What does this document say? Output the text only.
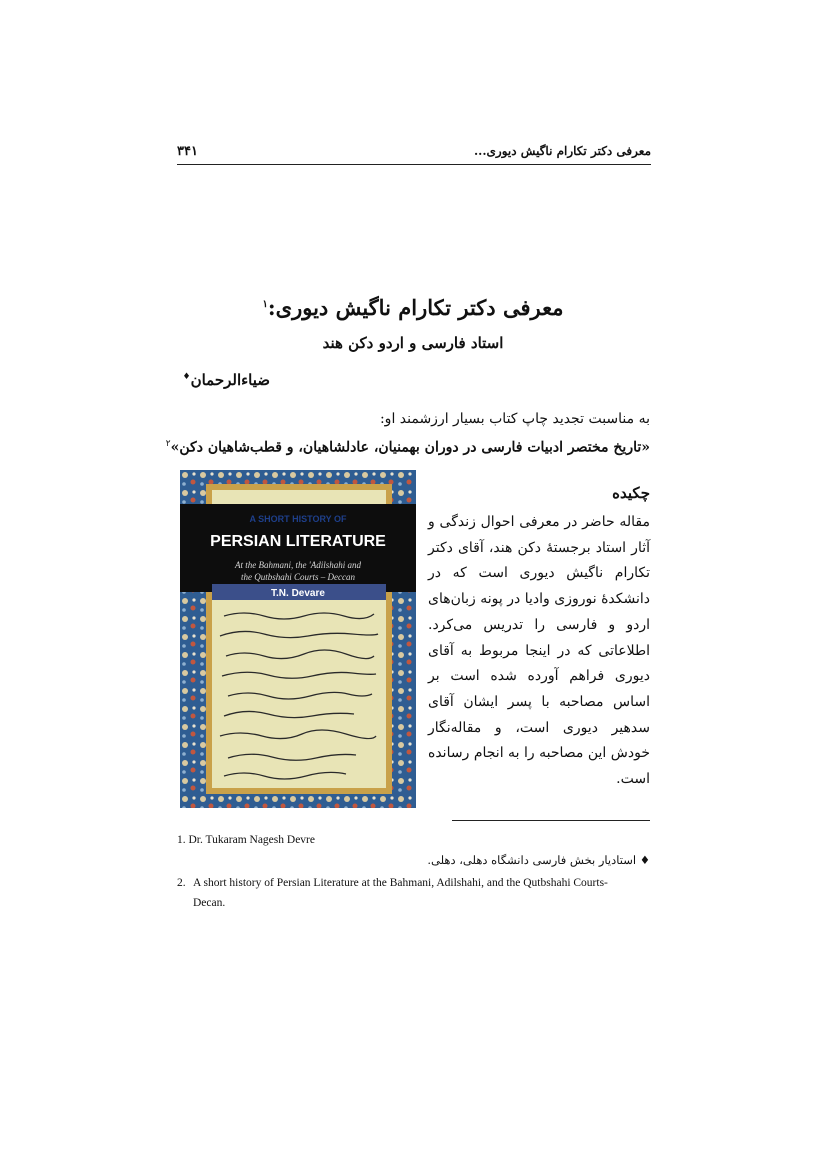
۳۴۱	معرفی دکتر تکارام ناگیش دیوری...
معرفی دکتر تکارام ناگیش دیوری:$^۱$
استاد فارسی و اردو دکن هند
ضیاءالرحمان♦
به مناسبت تجدید چاپ کتاب بسیار ارزشمند او:
«تاریخ مختصر ادبیات فارسی در دوران بهمنیان، عادلشاهیان، و قطب‌شاهیان دکن»$^۲$
A SHORT HISTORY OF
PERSIAN LITERATURE
At the Bahmani, the 'Adilshahi and
the Qutbshahi Courts – Deccan
T.N. Devare
چکیده
مقاله حاضر در معرفی احوال زندگی و آثار استاد برجستهٔ دکن هند، آقای دکتر تکارام ناگیش دیوری است که در دانشکدهٔ نوروزی وادیا در پونه زبان‌های اردو و فارسی را تدریس می‌کرد. اطلاعاتی که در اینجا مربوط به آقای دیوری فراهم آورده شده است بر اساس مصاحبه با پسر ایشان آقای سدهیر دیوری است، و مقاله‌نگار خودش این مصاحبه را به انجام رسانده است.
1. Dr. Tukaram Nagesh Devre
♦ استادیار بخش فارسی دانشگاه دهلی، دهلی.
2. A short history of Persian Literature at the Bahmani, Adilshahi, and the Qutbshahi Courts-
Decan.
